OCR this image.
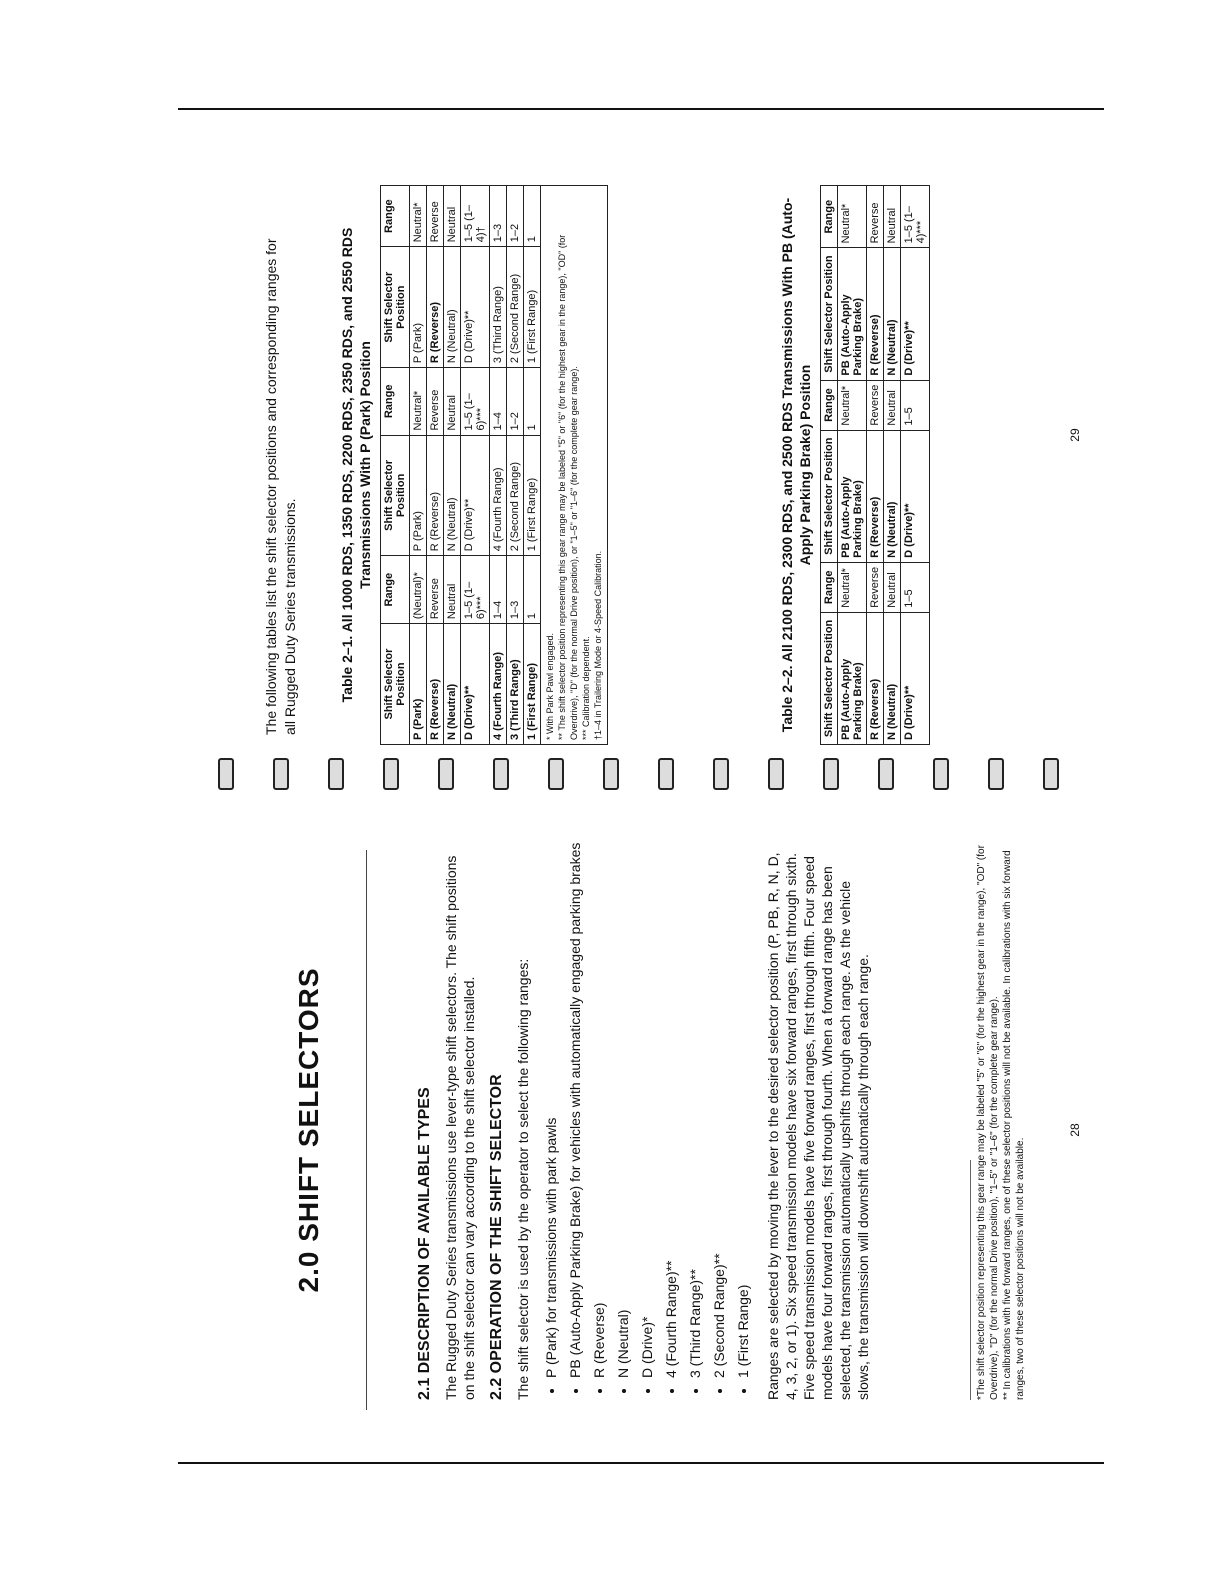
2.0 SHIFT SELECTORS	2.1 DESCRIPTION OF AVAILABLE TYPES The Rugged Duty Series transmissions use lever-type shift selectors. The shift positions on the shift selector can vary according to the shift selector installed. 2.2 OPERATION OF THE SHIFT SELECTOR The shift selector is used by the operator to select the following ranges: • P (Park) for transmissions with park pawls • PB (Auto-Apply Parking Brake) for vehicles with automatically engaged parking brakes • R (Reverse) • N (Neutral) • D (Drive)* • 4 (Fourth Range)** • 3 (Third Range)** • 2 (Second Range)** • 1 (First Range) Ranges are selected by moving the lever to the desired selector position (P, PB, R, N, D, 4, 3, 2, or 1). Six speed transmission models have six forward ranges, first through sixth. Five speed transmission models have five forward ranges, first through fifth. Four speed models have four forward ranges, first through fourth. When a forward range has been selected, the transmission automatically upshifts through each range. As the vehicle slows, the transmission will downshift automatically through each range.	*The shift selector position representing this gear range may be labeled "5" or "6" (for the highest gear in the range), "OD" (for Overdrive), "D" (for the normal Drive position), "1–5" or "1–6" (for the complete gear range). ** In calibrations with five forward ranges, one of these selector positions will not be available. In calibrations with six forward ranges, two of these selector positions will not be available.
28
The following tables list the shift selector positions and corresponding ranges for all Rugged Duty Series transmissions.	Table 2–1. All 1000 RDS, 1350 RDS, 2200 RDS, 2350 RDS, and 2550 RDS Transmissions With P (Park) Position
Shift Selector Position	Range	Shift Selector Position	Range	Shift Selector Position	Range
P (Park)	(Neutral)*	P (Park)	Neutral*	P (Park)	Neutral*
R (Reverse)	Reverse	R (Reverse)	Reverse	R (Reverse)	Reverse
N (Neutral)	Neutral	N (Neutral)	Neutral	N (Neutral)	Neutral
D (Drive)**	1–5 (1–6)***	D (Drive)**	1–5 (1–6)***	D (Drive)**	1–5 (1–4)†
4 (Fourth Range)	1–4	4 (Fourth Range)	1–4	3 (Third Range)	1–3
3 (Third Range)	1–3	2 (Second Range)	1–2	2 (Second Range)	1–2
1 (First Range)	1	1 (First Range)	1	1 (First Range)	1
* With Park Pawl engaged. ** The shift selector position representing this gear range may be labeled "5" or "6" (for the highest gear in the range), "OD" (for Overdrive), "D" (for the normal Drive position), or "1–5" or "1–6" (for the complete gear range). *** Calibration dependent. †1–4 in Trailering Mode or 4-Speed Calibration.	Table 2–2. All 2100 RDS, 2300 RDS, and 2500 RDS Transmissions With PB (Auto-Apply Parking Brake) Position
Shift Selector Position	Range	Shift Selector Position	Range	Shift Selector Position	Range
PB (Auto-Apply Parking Brake)	Neutral*	PB (Auto-Apply Parking Brake)	Neutral*	PB (Auto-Apply Parking Brake)	Neutral*
R (Reverse)	Reverse	R (Reverse)	Reverse	R (Reverse)	Reverse
N (Neutral)	Neutral	N (Neutral)	Neutral	N (Neutral)	Neutral
D (Drive)**	1–5	D (Drive)**	1–5	D (Drive)**	1–5 (1–4)***
29
